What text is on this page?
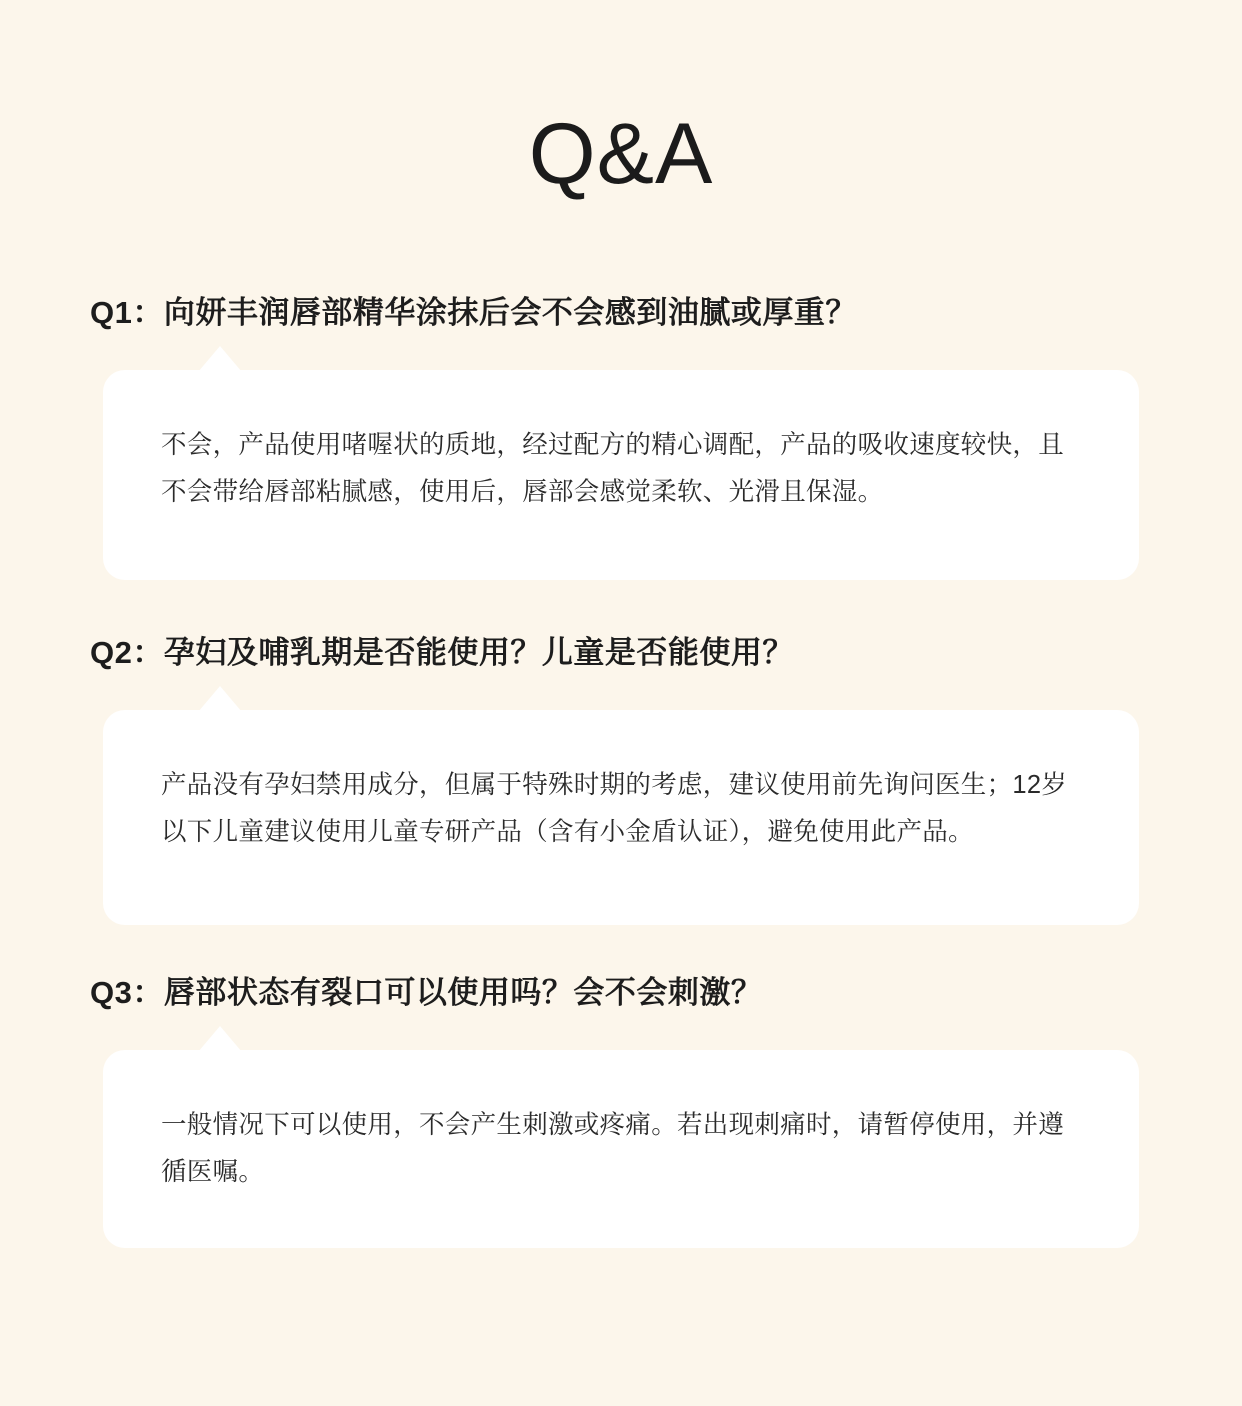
Q&A
Q1：向妍丰润唇部精华涂抹后会不会感到油腻或厚重？

不会，产品使用啫喔状的质地，经过配方的精心调配，产品的吸收速度较快，且不会带给唇部粘腻感，使用后，唇部会感觉柔软、光滑且保湿。

Q2：孕妇及哺乳期是否能使用？儿童是否能使用？

产品没有孕妇禁用成分，但属于特殊时期的考虑，建议使用前先询问医生；12岁以下儿童建议使用儿童专研产品（含有小金盾认证），避免使用此产品。

Q3：唇部状态有裂口可以使用吗？会不会刺激？

一般情况下可以使用，不会产生刺激或疼痛。若出现刺痛时，请暂停使用，并遵循医嘱。
